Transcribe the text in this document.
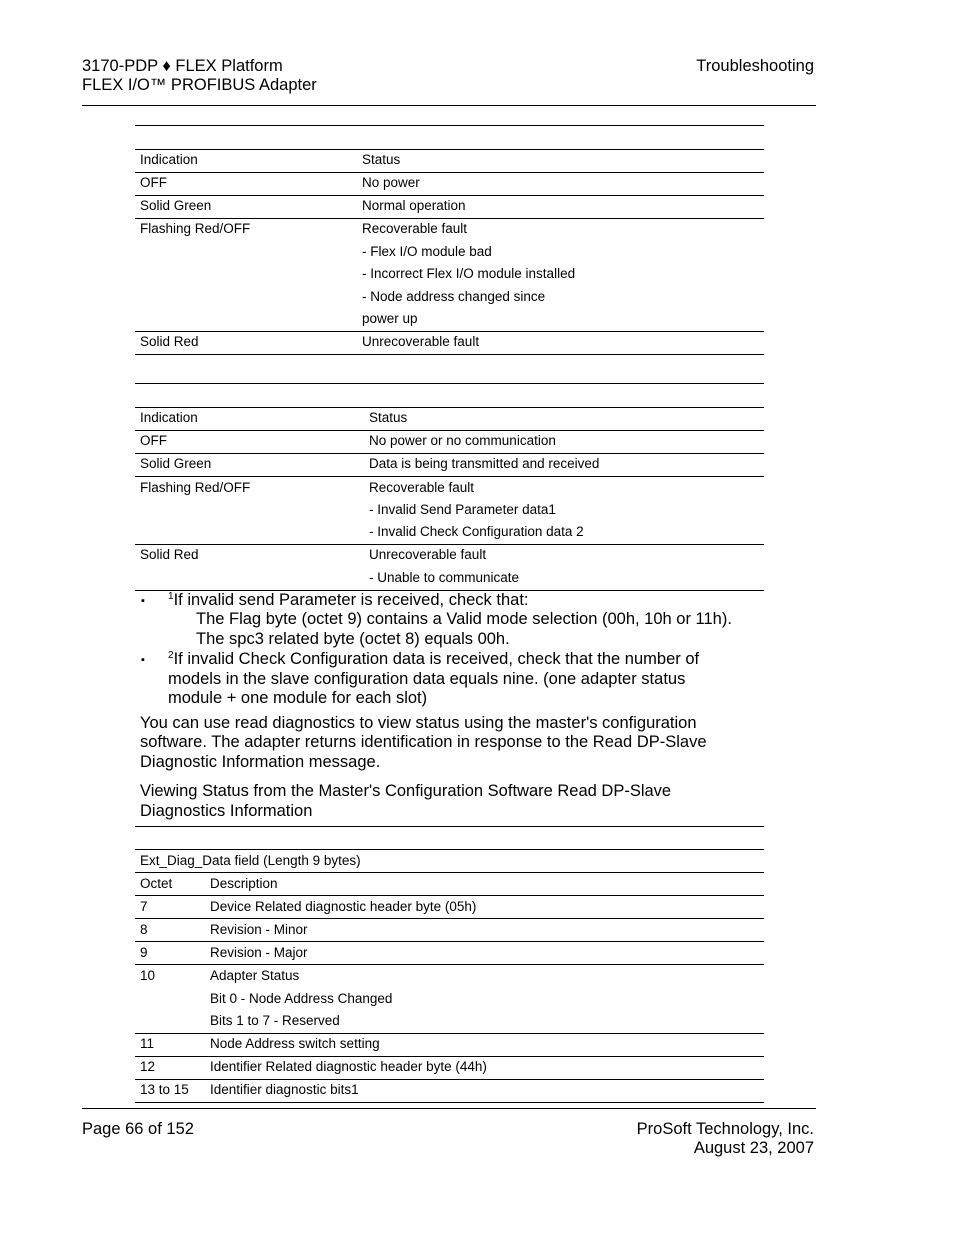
3170-PDP ♦ FLEX Platform
FLEX I/O™ PROFIBUS Adapter
Troubleshooting
Indication	Status
OFF	No power
Solid Green	Normal operation
Flashing Red/OFF	Recoverable fault
- Flex I/O module bad
- Incorrect Flex I/O module installed
- Node address changed since
power up
Solid Red	Unrecoverable fault
Indication	Status
OFF	No power or no communication
Solid Green	Data is being transmitted and received
Flashing Red/OFF	Recoverable fault
- Invalid Send Parameter data1
- Invalid Check Configuration data 2
Solid Red	Unrecoverable fault
- Unable to communicate
▪ $^1$If invalid send Parameter is received, check that:
The Flag byte (octet 9) contains a Valid mode selection (00h, 10h or 11h).
The spc3 related byte (octet 8) equals 00h.
▪ $^2$If invalid Check Configuration data is received, check that the number of
models in the slave configuration data equals nine. (one adapter status
module + one module for each slot)
You can use read diagnostics to view status using the master's configuration
software. The adapter returns identification in response to the Read DP-Slave
Diagnostic Information message.
Viewing Status from the Master's Configuration Software Read DP-Slave
Diagnostics Information
Ext_Diag_Data field (Length 9 bytes)
Octet	Description
7	Device Related diagnostic header byte (05h)
8	Revision - Minor
9	Revision - Major
10	Adapter Status
Bit 0 - Node Address Changed
Bits 1 to 7 - Reserved
11	Node Address switch setting
12	Identifier Related diagnostic header byte (44h)
13 to 15 Identifier diagnostic bits1
Page 66 of 152	ProSoft Technology, Inc.
August 23, 2007
